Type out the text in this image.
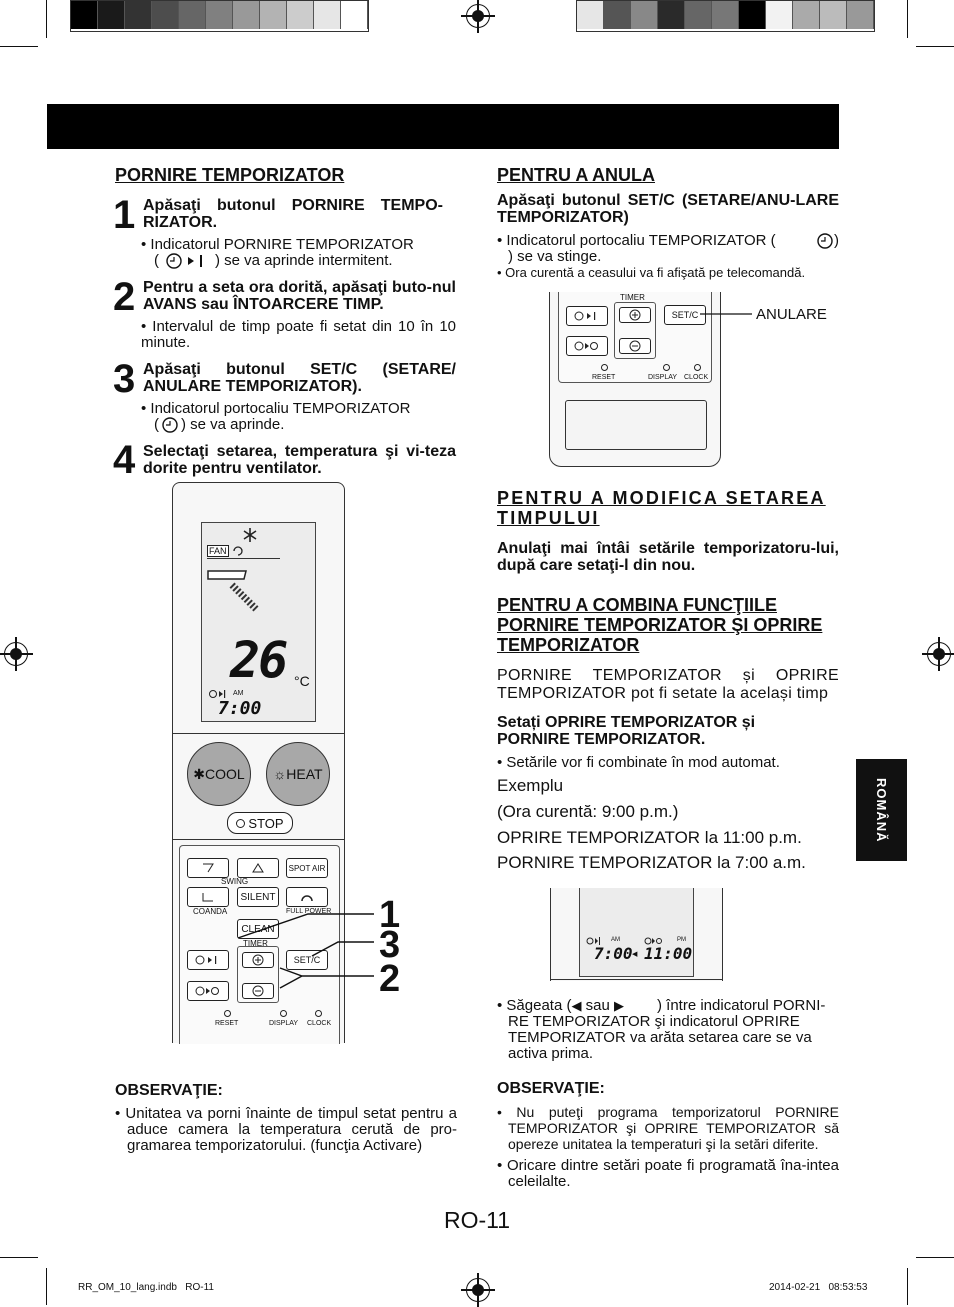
PORNIRE TEMPORIZATOR
1 Apăsaţi butonul PORNIRE TEMPO-RIZATOR.
• Indicatorul PORNIRE TEMPORIZATOR
(	) se va aprinde intermitent.
2 Pentru a seta ora dorită, apăsaţi buto-nul AVANS sau ÎNTOARCERE TIMP.
• Intervalul de timp poate fi setat din 10 în 10 minute.
3 Apăsaţi butonul SET/C (SETARE/ ANULARE TEMPORIZATOR).
• Indicatorul portocaliu TEMPORIZATOR
( ) se va aprinde.
4 Selectaţi setarea, temperatura şi vi-teza dorite pentru ventilator.
FAN
26 °C
AM
7:00
✱ COOL ☼ HEAT
STOP
SPOT AIR
SWING
SILENT
COANDA	FULL POWER
CLEAN
TIMER
SET/C
RESET	DISPLAY CLOCK
1
3
2
OBSERVAŢIE:
• Unitatea va porni înainte de timpul setat pentru a aduce camera la temperatura cerută de pro-gramarea temporizatorului. (funcţia Activare)
PENTRU A ANULA
Apăsaţi butonul SET/C (SETARE/ANU-LARE TEMPORIZATOR)
• Indicatorul portocaliu TEMPORIZATOR (	)
) se va stinge.
• Ora curentă a ceasului va fi afişată pe telecomandă.
TIMER
SET/C
RESET	DISPLAY CLOCK
ANULARE
PENTRU A MODIFICA SETAREA TIMPULUI
Anulaţi mai întâi setările temporizatoru-lui, după care setaţi-l din nou.
PENTRU A COMBINA FUNCŢIILE PORNIRE TEMPORIZATOR ŞI OPRIRE TEMPORIZATOR
PORNIRE TEMPORIZATOR și OPRIRE TEMPORIZATOR pot fi setate la același timp
Setați OPRIRE TEMPORIZATOR și PORNIRE TEMPORIZATOR.
• Setările vor fi combinate în mod automat.
Exemplu
(Ora curentă: 9:00 p.m.)
OPRIRE TEMPORIZATOR la 11:00 p.m.
PORNIRE TEMPORIZATOR la 7:00 a.m.
AM	PM
7:00 ◀ 11:00
• Săgeata ( ◀ sau ▶	) între indicatorul PORNI-RE TEMPORIZATOR şi indicatorul OPRIRE TEMPORIZATOR va arăta setarea care se va activa prima.
OBSERVAŢIE:
• Nu puteţi programa temporizatorul PORNIRE TEMPORIZATOR şi OPRIRE TEMPORIZATOR să opereze unitatea la temperaturi şi la setări diferite.
• Oricare dintre setări poate fi programată îna-intea celeilalte.
ROMÂNĂ
RO-11
RR_OM_10_lang.indb   RO-11	2014-02-21   08:53:53
